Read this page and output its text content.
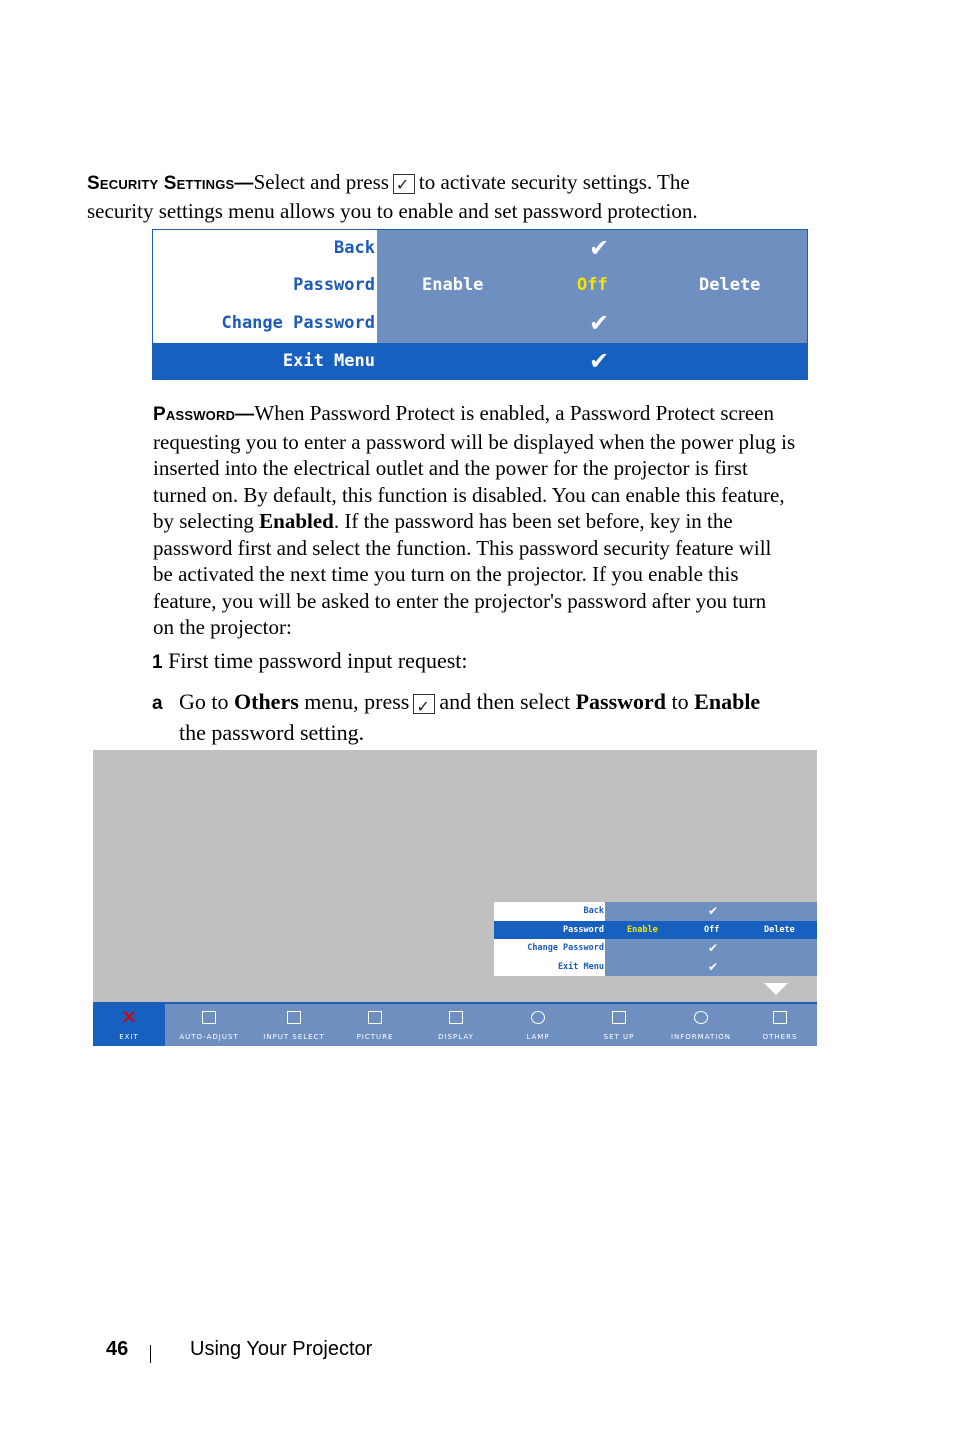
Security Settings—Select and press ✓ to activate security settings. The
security settings menu allows you to enable and set password protection.

Back	✔
Password	Enable	Off	Delete
Change Password	✔
Exit Menu	✔

Password—When Password Protect is enabled, a Password Protect screen
requesting you to enter a password will be displayed when the power plug is
inserted into the electrical outlet and the power for the projector is first
turned on. By default, this function is disabled. You can enable this feature,
by selecting Enabled. If the password has been set before, key in the
password first and select the function. This password security feature will
be activated the next time you turn on the projector. If you enable this
feature, you will be asked to enter the projector's password after you turn
on the projector:

1 First time password input request:

a Go to Others menu, press ✓ and then select Password to Enable
the password setting.

Back	✔
Password	Enable	Off	Delete
Change Password	✔
Exit Menu	✔
✕
EXIT	AUTO-ADJUST	INPUT SELECT	PICTURE	DISPLAY	LAMP	SET UP	INFORMATION	OTHERS
46	Using Your Projector
